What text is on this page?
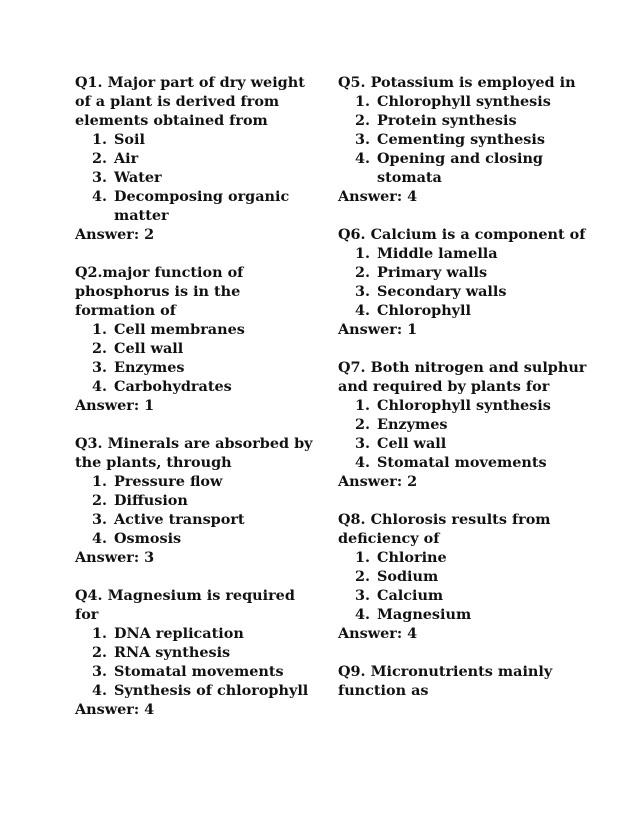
Q1. Major part of dry weight of a plant is derived from elements obtained from

1. Soil
2. Air
3. Water
4. Decomposing organic matter

Answer: 2

Q2.major function of phosphorus is in the formation of

1. Cell membranes
2. Cell wall
3. Enzymes
4. Carbohydrates

Answer: 1

Q3. Minerals are absorbed by the plants, through

1. Pressure flow
2. Diffusion
3. Active transport
4. Osmosis

Answer: 3

Q4. Magnesium is required for

1. DNA replication
2. RNA synthesis
3. Stomatal movements
4. Synthesis of chlorophyll

Answer: 4

Q5. Potassium is employed in

1. Chlorophyll synthesis
2. Protein synthesis
3. Cementing synthesis
4. Opening and closing stomata

Answer: 4

Q6. Calcium is a component of

1. Middle lamella
2. Primary walls
3. Secondary walls
4. Chlorophyll

Answer: 1

Q7. Both nitrogen and sulphur and required by plants for

1. Chlorophyll synthesis
2. Enzymes
3. Cell wall
4. Stomatal movements

Answer: 2

Q8. Chlorosis results from deficiency of

1. Chlorine
2. Sodium
3. Calcium
4. Magnesium

Answer: 4

Q9. Micronutrients mainly function as
